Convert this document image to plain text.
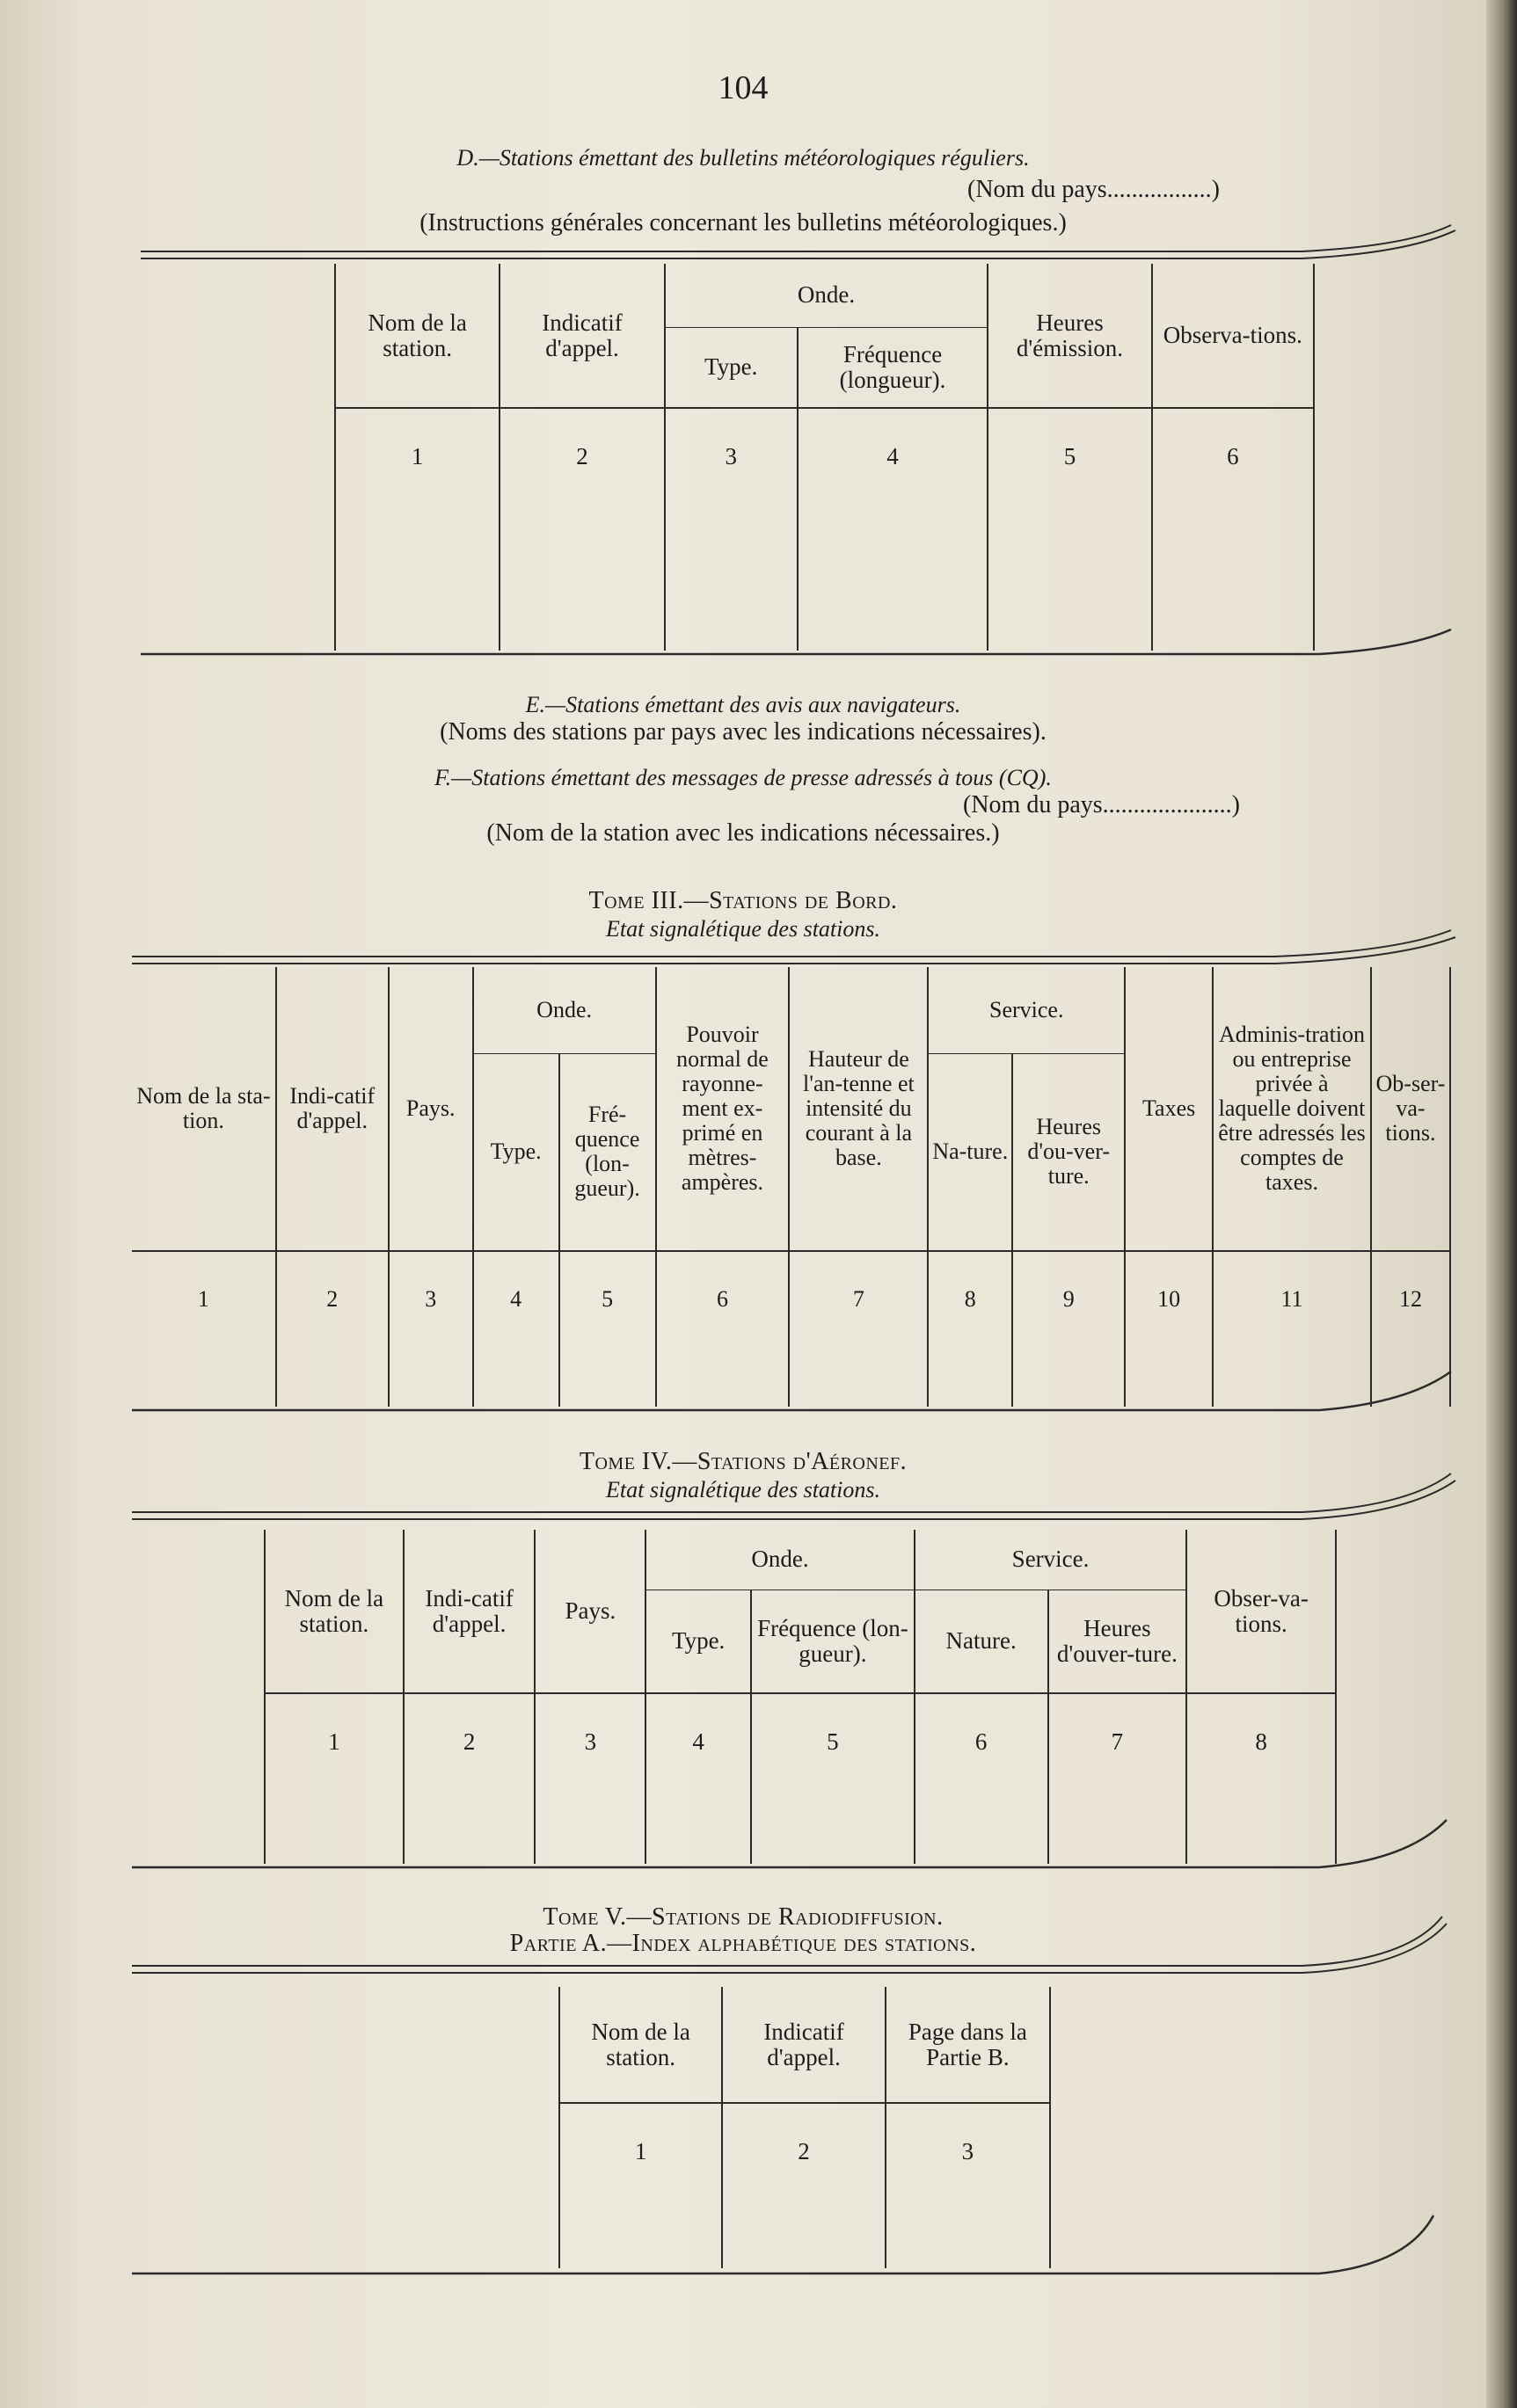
104
D.—Stations émettant des bulletins météorologiques réguliers.
(Nom du pays.................)
(Instructions générales concernant les bulletins météorologiques.)
Nom de la station.	Indicatif d'appel.	Onde.		Heures d'émission.	Observa-tions.
		Type.	Fréquence (longueur).		
1	2	3	4	5	6
E.—Stations émettant des avis aux navigateurs.
(Noms des stations par pays avec les indications nécessaires).
F.—Stations émettant des messages de presse adressés à tous (CQ).
(Nom du pays.....................)
(Nom de la station avec les indications nécessaires.)
Tome III.—Stations de Bord.
Etat signalétique des stations.
Nom de la sta-tion.	Indi-catif d'appel.	Pays.	Onde.		Pouvoir normal de rayonne-ment ex-primé en mètres-ampères.	Hauteur de l'an-tenne et intensité du courant à la base.	Service.		Taxes	Adminis-tration ou entreprise privée à laquelle doivent être adressés les comptes de taxes.	Ob-ser-va-tions.
			Type.	Fré-quence (lon-gueur).			Na-ture.	Heures d'ou-ver-ture.			
1	2	3	4	5	6	7	8	9	10	11	12
Tome IV.—Stations d'Aéronef.
Etat signalétique des stations.
Nom de la station.	Indi-catif d'appel.	Pays.	Onde.		Service.		Obser-va-tions.
			Type.	Fréquence (lon-gueur).	Nature.	Heures d'ouver-ture.	
1	2	3	4	5	6	7	8
Tome V.—Stations de Radiodiffusion.
Partie A.—Index alphabétique des stations.
Nom de la station.	Indicatif d'appel.	Page dans la Partie B.
1	2	3
